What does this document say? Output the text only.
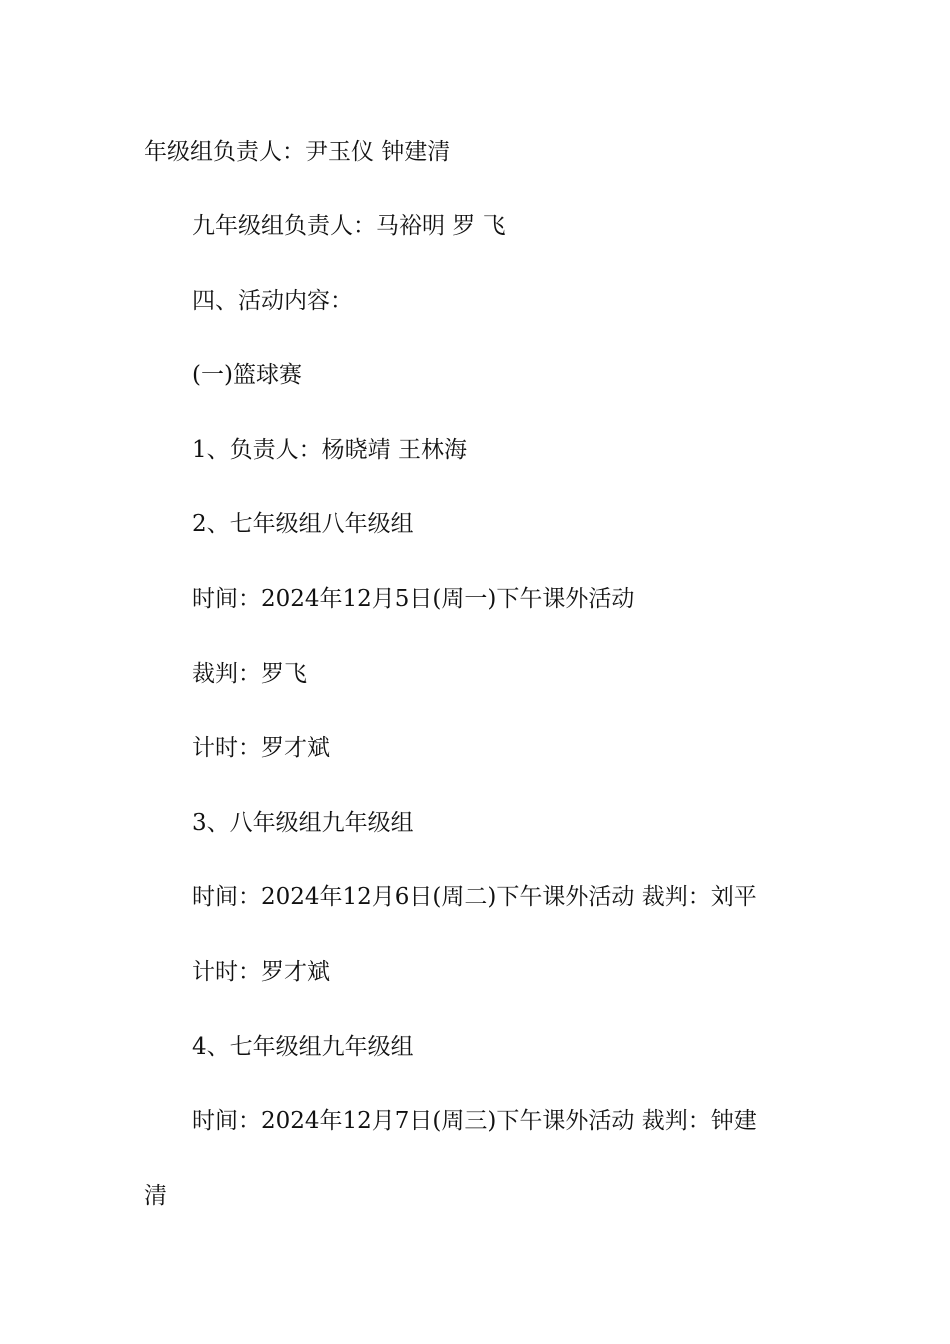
年级组负责人：尹玉仪 钟建清

九年级组负责人：马裕明 罗 飞

四、活动内容：

(一)篮球赛

1、负责人：杨晓靖 王林海

2、七年级组八年级组

时间：2024年12月5日(周一)下午课外活动

裁判：罗飞

计时：罗才斌

3、八年级组九年级组

时间：2024年12月6日(周二)下午课外活动 裁判：刘平

计时：罗才斌

4、七年级组九年级组

时间：2024年12月7日(周三)下午课外活动 裁判：钟建

清
